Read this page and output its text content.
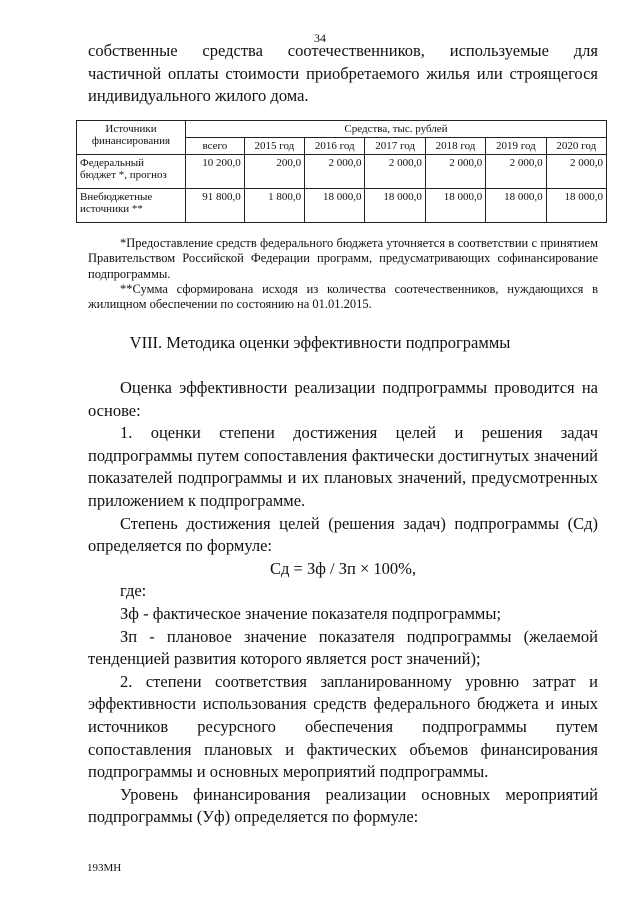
34

собственные средства соотечественников, используемые для

частичной оплаты стоимости приобретаемого жилья или строящегося

индивидуального жилого дома.

Источники финансирования	Средства, тыс. рублей						
	всего	2015 год	2016 год	2017 год	2018 год	2019 год	2020 год
Федеральный бюджет *, прогноз	10 200,0	200,0	2 000,0	2 000,0	2 000,0	2 000,0	2 000,0
Внебюджетные источники **	91 800,0	1 800,0	18 000,0	18 000,0	18 000,0	18 000,0	18 000,0

*Предоставление средств федерального бюджета уточняется в соответствии с принятием Правительством Российской Федерации программ, предусматривающих софинансирование подпрограммы.

**Сумма сформирована исходя из количества соотечественников, нуждающихся в жилищном обеспечении по состоянию на 01.01.2015.

VIII. Методика оценки эффективности подпрограммы

Оценка эффективности реализации подпрограммы проводится на основе:

1. оценки степени достижения целей и решения задач подпрограммы путем сопоставления фактически достигнутых значений показателей подпрограммы и их плановых значений, предусмотренных приложением к подпрограмме.

Степень достижения целей (решения задач) подпрограммы (Сд) определяется по формуле:

Сд = Зф / Зп × 100%,

где:

Зф - фактическое значение показателя подпрограммы;

Зп - плановое значение показателя подпрограммы (желаемой тенденцией развития которого является рост значений);

2. степени соответствия запланированному уровню затрат и эффективности использования средств федерального бюджета и иных источников ресурсного обеспечения подпрограммы путем сопоставления плановых и фактических объемов финансирования подпрограммы и основных мероприятий подпрограммы.

Уровень финансирования реализации основных мероприятий подпрограммы (Уф) определяется по формуле:

193МН
